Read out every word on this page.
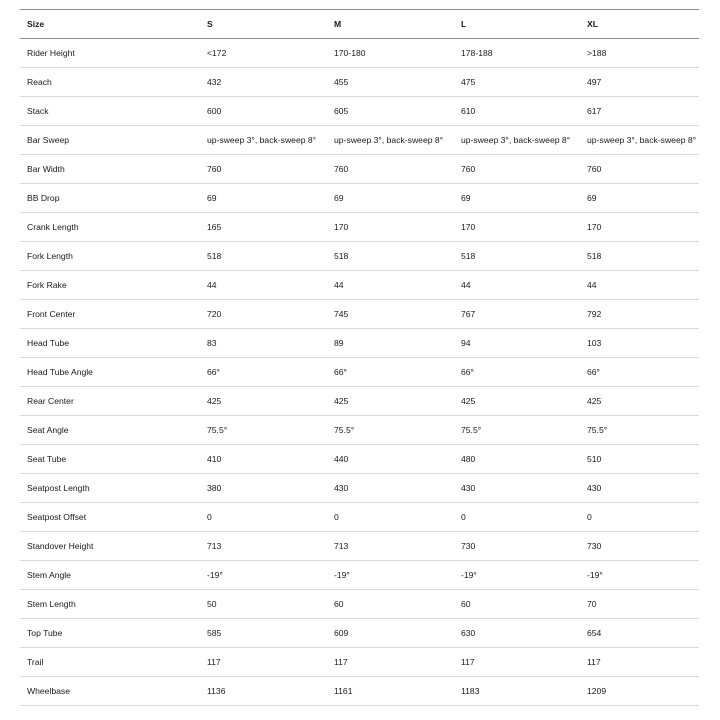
Size	S	M	L	XL
Rider Height	<172	170-180	178-188	>188
Reach	432	455	475	497
Stack	600	605	610	617
Bar Sweep	up-sweep 3°, back-sweep 8°	up-sweep 3°, back-sweep 8°	up-sweep 3°, back-sweep 8°	up-sweep 3°, back-sweep 8°
Bar Width	760	760	760	760
BB Drop	69	69	69	69
Crank Length	165	170	170	170
Fork Length	518	518	518	518
Fork Rake	44	44	44	44
Front Center	720	745	767	792
Head Tube	83	89	94	103
Head Tube Angle	66°	66°	66°	66°
Rear Center	425	425	425	425
Seat Angle	75.5°	75.5°	75.5°	75.5°
Seat Tube	410	440	480	510
Seatpost Length	380	430	430	430
Seatpost Offset	0	0	0	0
Standover Height	713	713	730	730
Stem Angle	-19°	-19°	-19°	-19°
Stem Length	50	60	60	70
Top Tube	585	609	630	654
Trail	117	117	117	117
Wheelbase	1136	1161	1183	1209
